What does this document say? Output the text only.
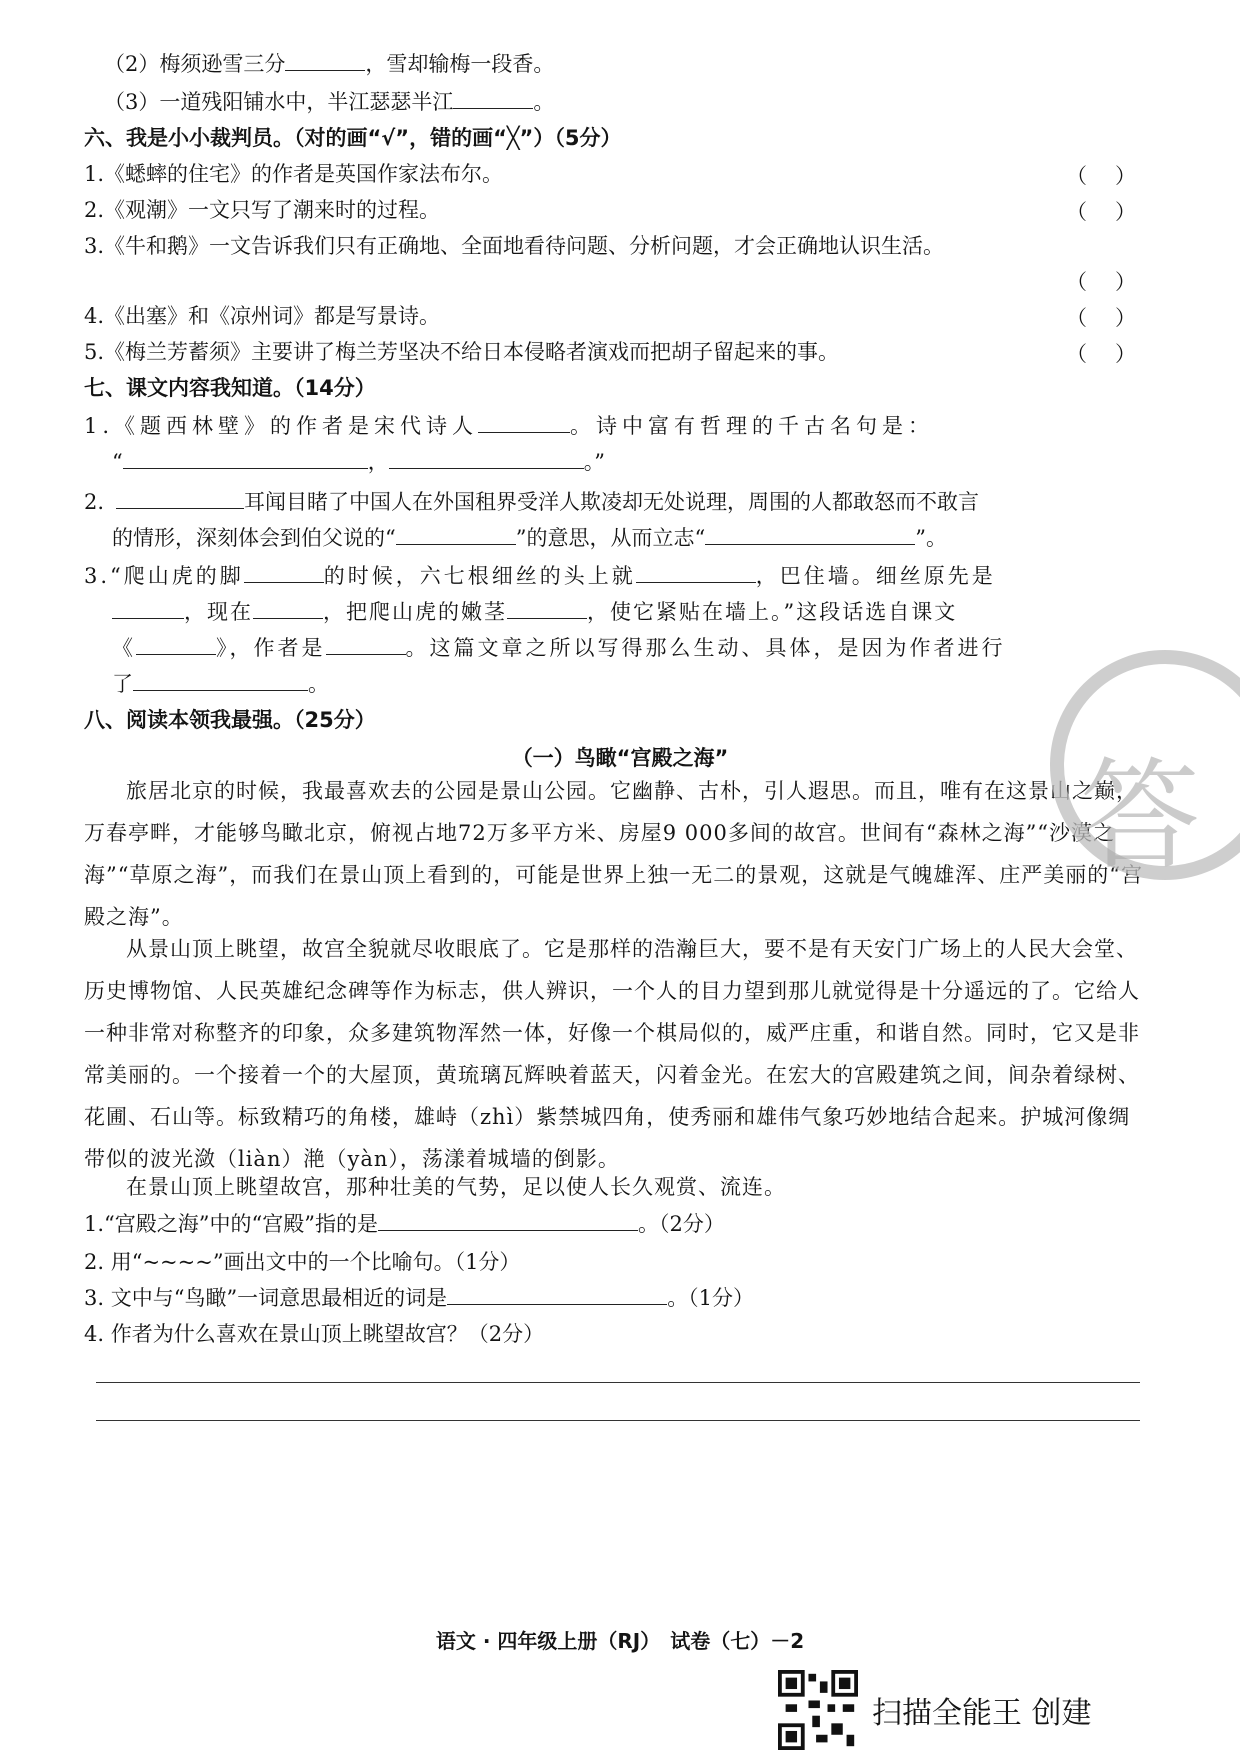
（2）梅须逊雪三分	，雪却输梅一段香。
（3）一道残阳铺水中，半江瑟瑟半江	。
六、我是小小裁判员。（对的画“√”，错的画“╳”）（5分）
1.《蟋蟀的住宅》的作者是英国作家法布尔。	（ ）
2.《观潮》一文只写了潮来时的过程。	（ ）
3.《牛和鹅》一文告诉我们只有正确地、全面地看待问题、分析问题，才会正确地认识生活。
（ ）
4.《出塞》和《凉州词》都是写景诗。	（ ）
5.《梅兰芳蓄须》主要讲了梅兰芳坚决不给日本侵略者演戏而把胡子留起来的事。	（ ）
七、课文内容我知道。（14分）
1.《题西林壁》的作者是宋代诗人	。诗中富有哲理的千古名句是：
“	，	。”
2.	耳闻目睹了中国人在外国租界受洋人欺凌却无处说理，周围的人都敢怒而不敢言
的情形，深刻体会到伯父说的“	”的意思，从而立志“	”。
3.“爬山虎的脚	的时候，六七根细丝的头上就	，巴住墙。细丝原先是
，现在	，把爬山虎的嫩茎	，使它紧贴在墙上。”这段话选自课文
《	》，作者是	。这篇文章之所以写得那么生动、具体，是因为作者进行
了	。
八、阅读本领我最强。（25分）
（一）鸟瞰“宫殿之海”
旅居北京的时候，我最喜欢去的公园是景山公园。它幽静、古朴，引人遐思。而且，唯有在这景山之巅，万春亭畔，才能够鸟瞰北京，俯视占地72万多平方米、房屋9 000多间的故宫。世间有“森林之海”“沙漠之海”“草原之海”，而我们在景山顶上看到的，可能是世界上独一无二的景观，这就是气魄雄浑、庄严美丽的“宫殿之海”。
从景山顶上眺望，故宫全貌就尽收眼底了。它是那样的浩瀚巨大，要不是有天安门广场上的人民大会堂、历史博物馆、人民英雄纪念碑等作为标志，供人辨识，一个人的目力望到那儿就觉得是十分遥远的了。它给人一种非常对称整齐的印象，众多建筑物浑然一体，好像一个棋局似的，威严庄重，和谐自然。同时，它又是非常美丽的。一个接着一个的大屋顶，黄琉璃瓦辉映着蓝天，闪着金光。在宏大的宫殿建筑之间，间杂着绿树、花圃、石山等。标致精巧的角楼，雄峙（zhì）紫禁城四角，使秀丽和雄伟气象巧妙地结合起来。护城河像绸带似的波光潋（liàn）滟（yàn），荡漾着城墙的倒影。
在景山顶上眺望故宫，那种壮美的气势，足以使人长久观赏、流连。
1.“宫殿之海”中的“宫殿”指的是	。（2分）
2. 用“~~~~”画出文中的一个比喻句。（1分）
3. 文中与“鸟瞰”一词意思最相近的词是	。（1分）
4. 作者为什么喜欢在景山顶上眺望故宫？（2分）
答
语文 · 四年级上册（RJ）　试卷（七）－2
扫描全能王 创建
